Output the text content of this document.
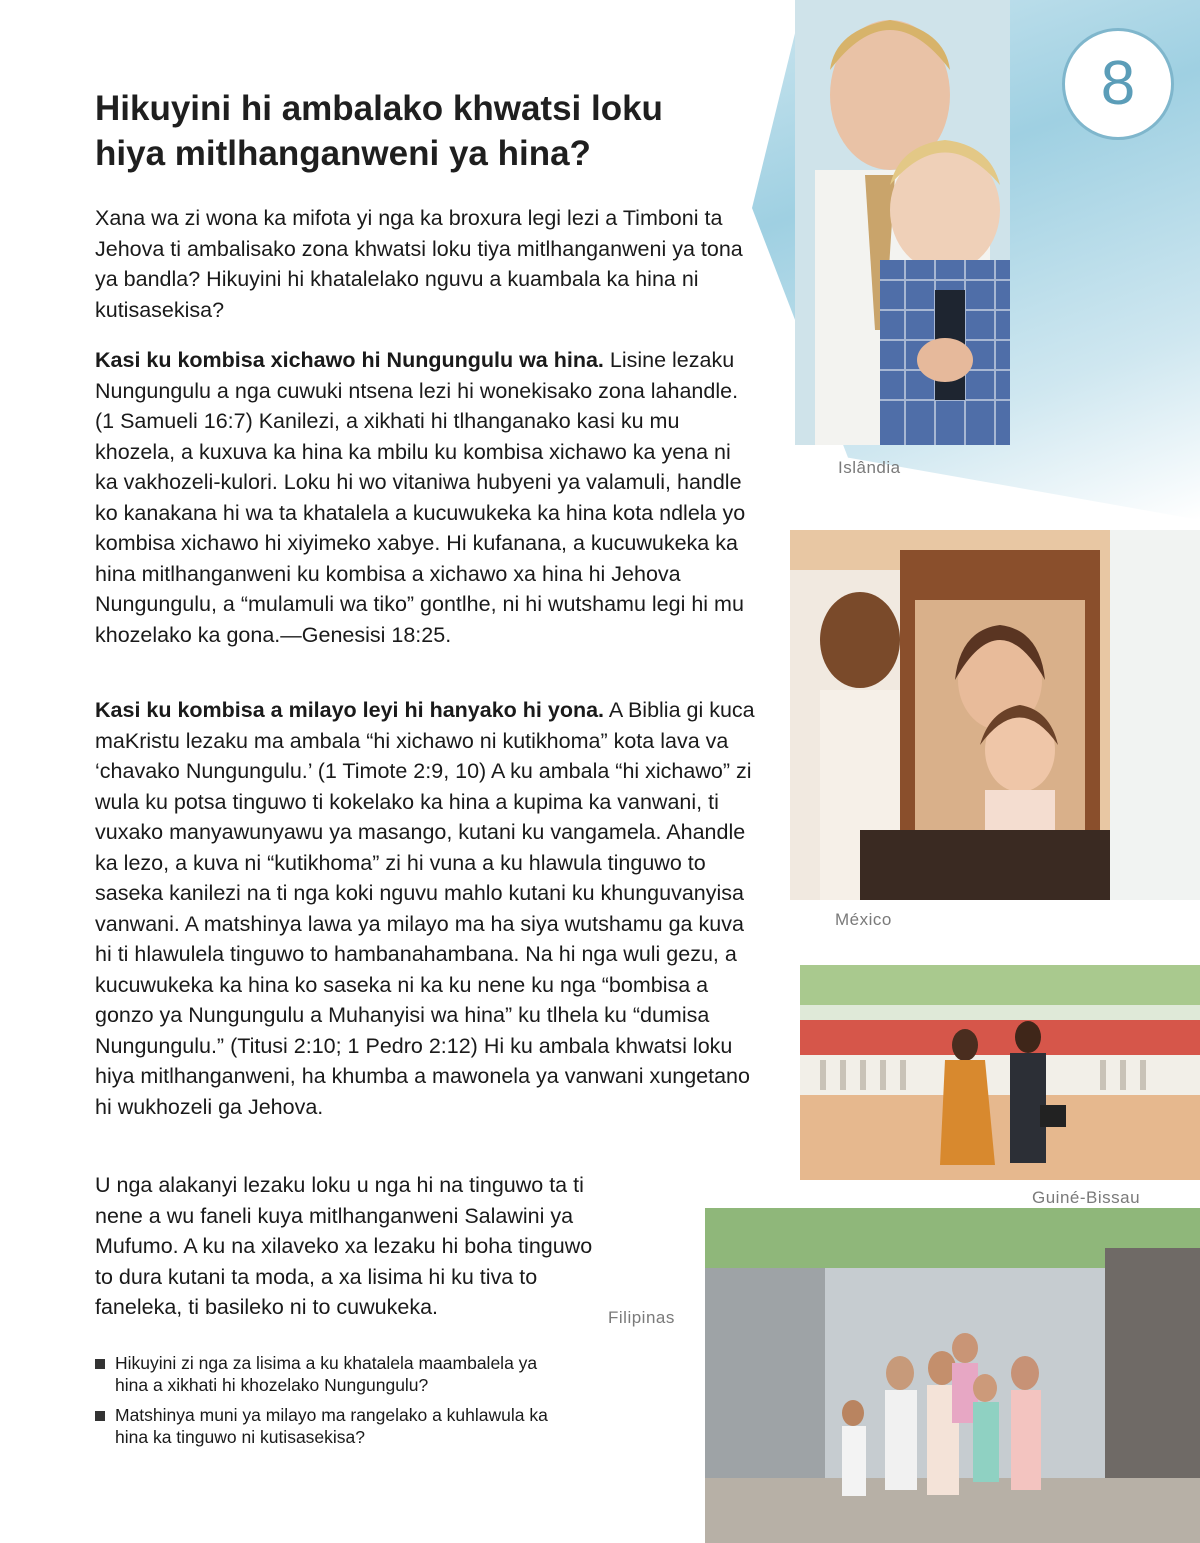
8
Hikuyini hi ambalako khwatsi loku hiya mitlhanganweni ya hina?

Xana wa zi wona ka mifota yi nga ka broxura legi lezi a Timboni ta Jehova ti ambalisako zona khwatsi loku tiya mitlhanganweni ya tona ya bandla? Hikuyini hi khatalelako nguvu a kuambala ka hina ni kutisasekisa?

Kasi ku kombisa xichawo hi Nungungulu wa hina. Lisine lezaku Nungungulu a nga cuwuki ntsena lezi hi wonekisako zona lahandle. (1 Samueli 16:7) Kanilezi, a xikhati hi tlhanganako kasi ku mu khozela, a kuxuva ka hina ka mbilu ku kombisa xichawo ka yena ni ka vakhozeli-kulori. Loku hi wo vitaniwa hubyeni ya valamuli, handle ko kanakana hi wa ta khatalela a kucuwukeka ka hina kota ndlela yo kombisa xichawo hi xiyimeko xabye. Hi kufanana, a kucuwukeka ka hina mitlhanganweni ku kombisa a xichawo xa hina hi Jehova Nungungulu, a “mulamuli wa tiko” gontlhe, ni hi wutshamu legi hi mu khozelako ka gona.—Genesisi 18:25.

Kasi ku kombisa a milayo leyi hi hanyako hi yona. A Biblia gi kuca maKristu lezaku ma ambala “hi xichawo ni kutikhoma” kota lava va ‘chavako Nungungulu.’ (1 Timote 2:9, 10) A ku ambala “hi xichawo” zi wula ku potsa tinguwo ti kokelako ka hina a kupima ka vanwani, ti vuxako manyawunyawu ya masango, kutani ku vangamela. Ahandle ka lezo, a kuva ni “kutikhoma” zi hi vuna a ku hlawula tinguwo to saseka kanilezi na ti nga koki nguvu mahlo kutani ku khunguvanyisa vanwani. A matshinya lawa ya milayo ma ha siya wutshamu ga kuva hi ti hlawulela tinguwo to hambanahambana. Na hi nga wuli gezu, a kucuwukeka ka hina ko saseka ni ka ku nene ku nga “bombisa a gonzo ya Nungungulu a Muhanyisi wa hina” ku tlhela ku “dumisa Nungungulu.” (Titusi 2:10; 1 Pedro 2:12) Hi ku ambala khwatsi loku hiya mitlhanganweni, ha khumba a mawonela ya vanwani xungetano hi wukhozeli ga Jehova.

U nga alakanyi lezaku loku u nga hi na tinguwo ta ti nene a wu faneli kuya mitlhanganweni Salawini ya Mufumo. A ku na xilaveko xa lezaku hi boha tinguwo to dura kutani ta moda, a xa lisima hi ku tiva to faneleka, ti basileko ni to cuwukeka.

Hikuyini zi nga za lisima a ku khatalela maambalela ya hina a xikhati hi khozelako Nungungulu?
Matshinya muni ya milayo ma rangelako a kuhlawula ka hina ka tinguwo ni kutisasekisa?
Islândia
México
Guiné-Bissau
Filipinas
